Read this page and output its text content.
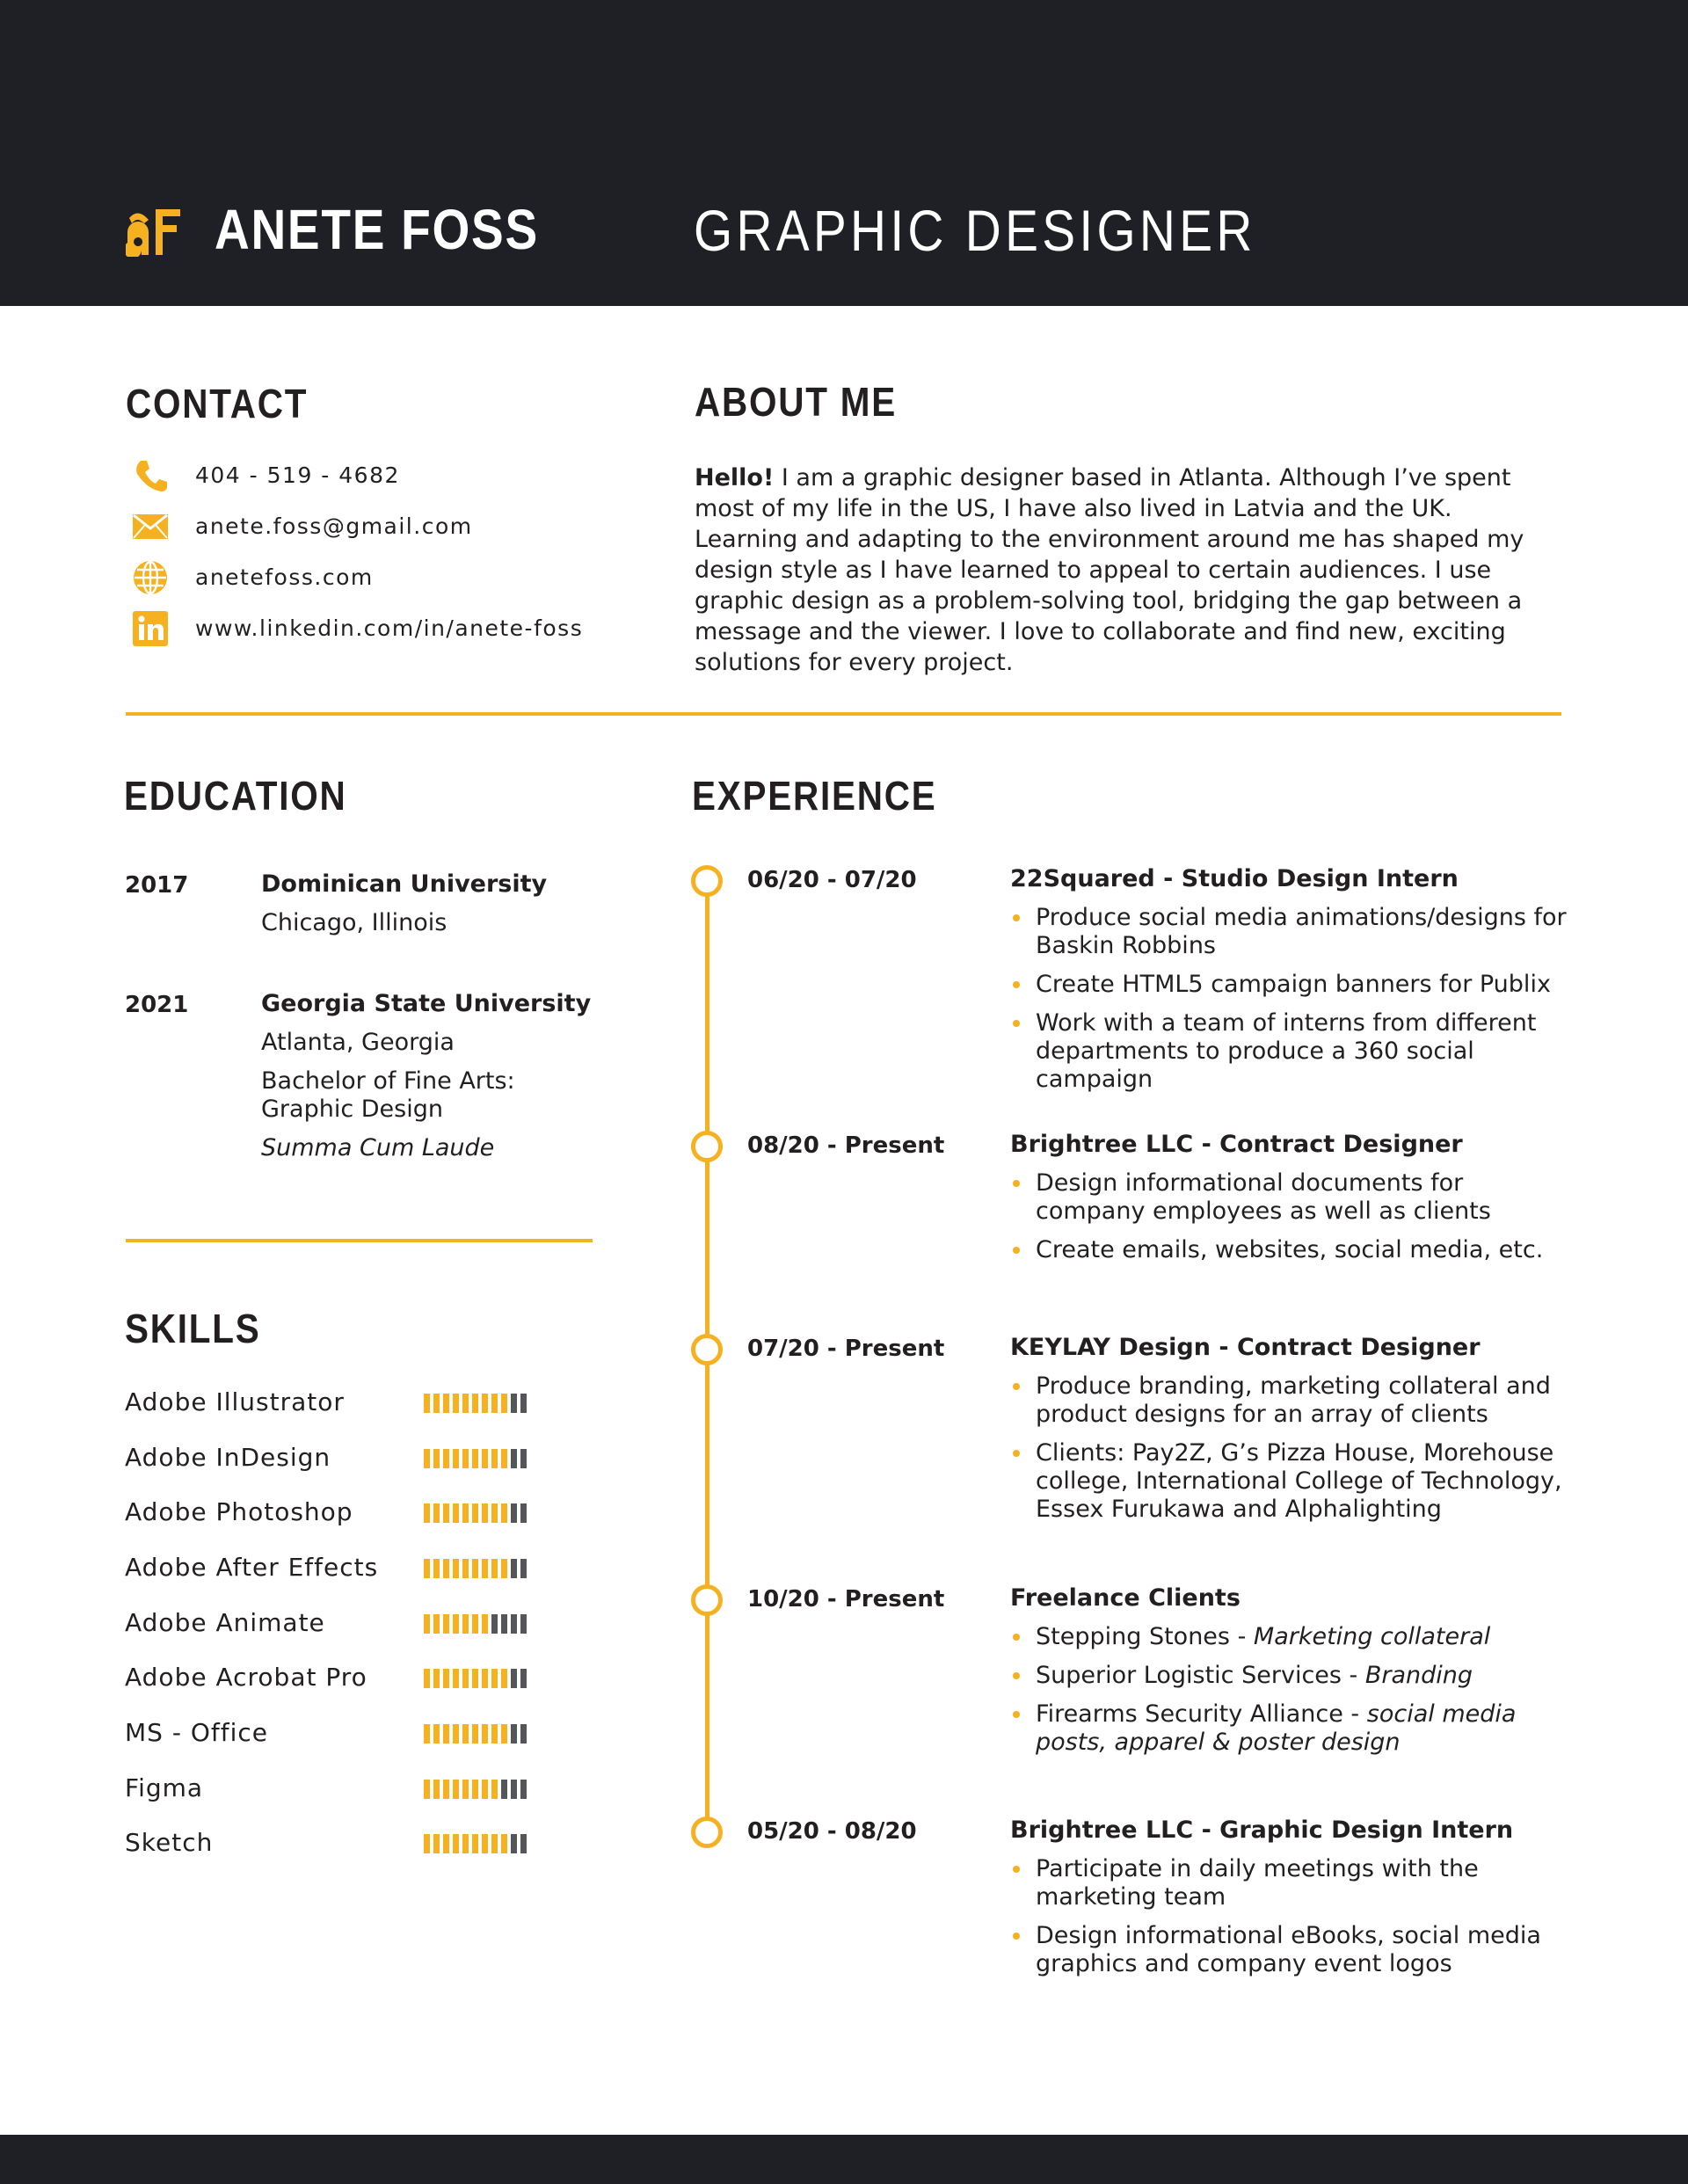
ANETE FOSS	GRAPHIC DESIGNER
CONTACT
404 - 519 - 4682
anete.foss@gmail.com
anetefoss.com
www.linkedin.com/in/anete-foss
ABOUT ME

Hello! I am a graphic designer based in Atlanta. Although I’ve spent most of my life in the US, I have also lived in Latvia and the UK. Learning and adapting to the environment around me has shaped my design style as I have learned to appeal to certain audiences. I use graphic design as a problem-solving tool, bridging the gap between a message and the viewer. I love to collaborate and find new, exciting solutions for every project.

EDUCATION
2017	Dominican University
Chicago, Illinois
2021	Georgia State University
Atlanta, Georgia
Bachelor of Fine Arts:
Graphic Design
Summa Cum Laude
SKILLS
Adobe Illustrator
Adobe InDesign
Adobe Photoshop
Adobe After Effects
Adobe Animate
Adobe Acrobat Pro
MS - Office
Figma
Sketch
EXPERIENCE
06/20 - 07/20	22Squared - Studio Design Intern
Produce social media animations/designs for Baskin Robbins
Create HTML5 campaign banners for Publix
Work with a team of interns from different departments to produce a 360 social campaign
08/20 - Present	Brightree LLC - Contract Designer
Design informational documents for company employees as well as clients
Create emails, websites, social media, etc.
07/20 - Present	KEYLAY Design - Contract Designer
Produce branding, marketing collateral and product designs for an array of clients
Clients: Pay2Z, G’s Pizza House, Morehouse college, International College of Technology, Essex Furukawa and Alphalighting
10/20 - Present	Freelance Clients
Stepping Stones - Marketing collateral
Superior Logistic Services - Branding
Firearms Security Alliance - social media posts, apparel & poster design
05/20 - 08/20	Brightree LLC - Graphic Design Intern
Participate in daily meetings with the marketing team
Design informational eBooks, social media graphics and company event logos
